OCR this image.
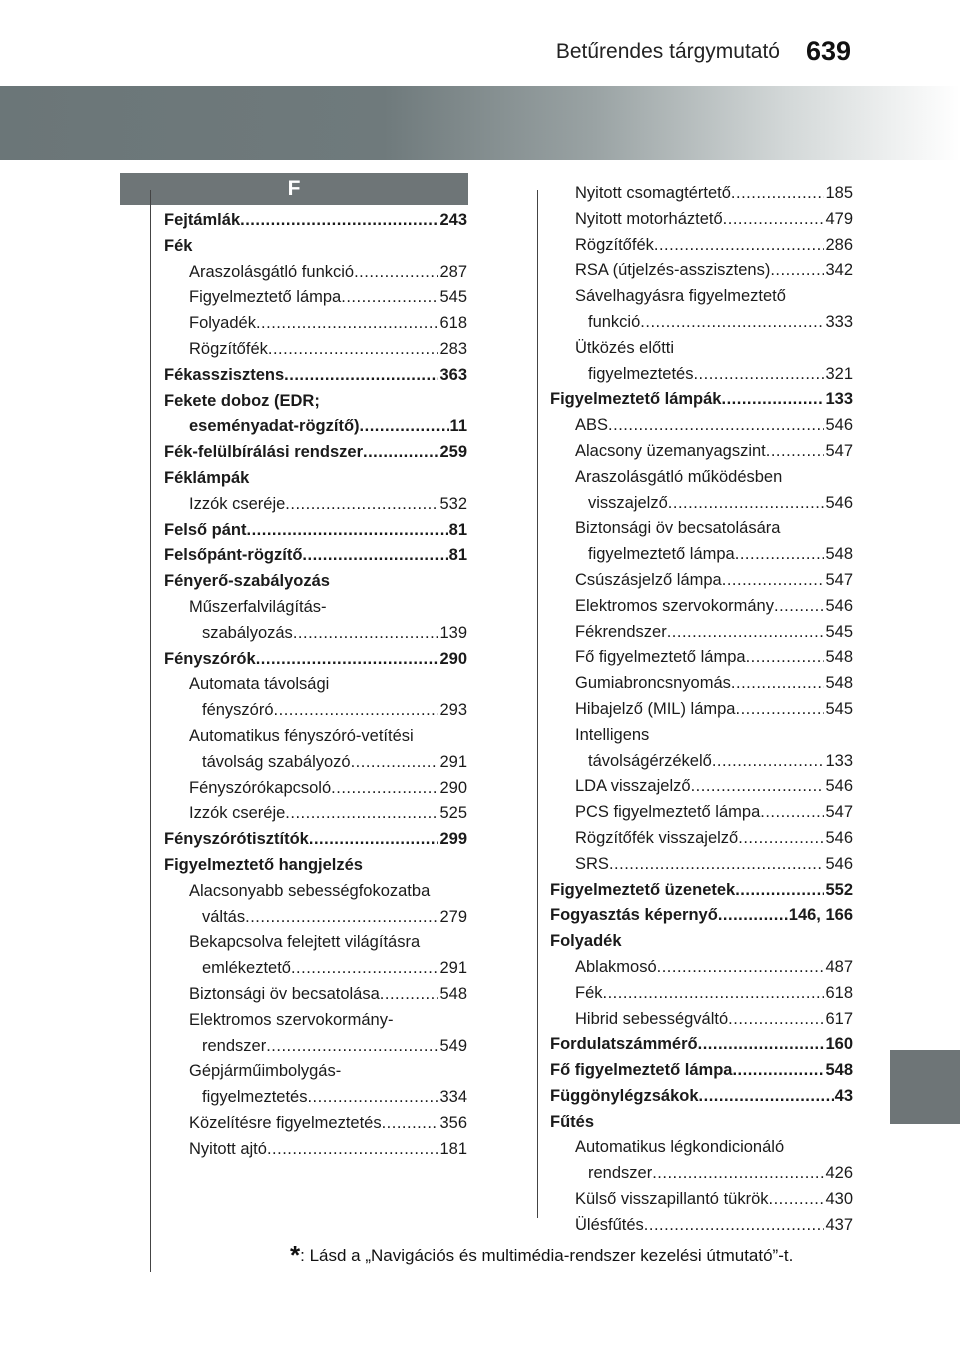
Betűrendes tárgymutató 639
F
Fejtámlák .....	243
Fék
Araszolásgátló funkció .....	287
Figyelmeztető lámpa .....	545
Folyadék .....	618
Rögzítőfék .....	283
Fékasszisztens .....	363
Fekete doboz (EDR;
eseményadat-rögzítő) .....	11
Fék-felülbírálási rendszer .....	259
Féklámpák
Izzók cseréje .....	532
Felső pánt .....	81
Felsőpánt-rögzítő .....	81
Fényerő-szabályozás
Műszerfalvilágítás-
szabályozás .....	139
Fényszórók .....	290
Automata távolsági
fényszóró .....	293
Automatikus fényszóró-vetítési
távolság szabályozó .....	291
Fényszórókapcsoló .....	290
Izzók cseréje .....	525
Fényszórótisztítók .....	299
Figyelmeztető hangjelzés
Alacsonyabb sebességfokozatba
váltás .....	279
Bekapcsolva felejtett világításra
emlékeztető .....	291
Biztonsági öv becsatolása .....	548
Elektromos szervokormány-
rendszer .....	549
Gépjárműimbolygás-
figyelmeztetés .....	334
Közelítésre figyelmeztetés .....	356
Nyitott ajtó .....	181
Nyitott csomagtértető .....	185
Nyitott motorháztető .....	479
Rögzítőfék .....	286
RSA (útjelzés-asszisztens) .....	342
Sávelhagyásra figyelmeztető
funkció .....	333
Ütközés előtti
figyelmeztetés .....	321
Figyelmeztető lámpák .....	133
ABS .....	546
Alacsony üzemanyagszint .....	547
Araszolásgátló működésben
visszajelző .....	546
Biztonsági öv becsatolására
figyelmeztető lámpa .....	548
Csúszásjelző lámpa .....	547
Elektromos szervokormány .....	546
Fékrendszer .....	545
Fő figyelmeztető lámpa .....	548
Gumiabroncsnyomás .....	548
Hibajelző (MIL) lámpa .....	545
Intelligens
távolságérzékelő .....	133
LDA visszajelző .....	546
PCS figyelmeztető lámpa .....	547
Rögzítőfék visszajelző .....	546
SRS .....	546
Figyelmeztető üzenetek .....	552
Fogyasztás képernyő .....	146, 166
Folyadék
Ablakmosó .....	487
Fék .....	618
Hibrid sebességváltó .....	617
Fordulatszámmérő .....	160
Fő figyelmeztető lámpa .....	548
Függönylégzsákok .....	43
Fűtés
Automatikus légkondicionáló
rendszer .....	426
Külső visszapillantó tükrök .....	430
Ülésfűtés .....	437
*: Lásd a „Navigációs és multimédia-rendszer kezelési útmutató”-t.
